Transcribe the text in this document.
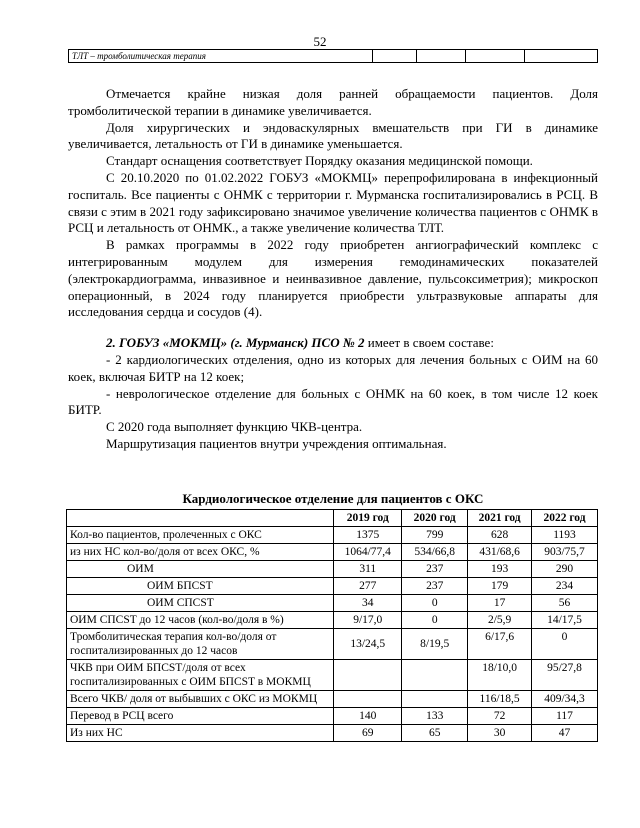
52
ТЛТ – тромболитическая терапия				

Отмечается крайне низкая доля ранней обращаемости пациентов. Доля тромболитической терапии в динамике увеличивается.

Доля хирургических и эндоваскулярных вмешательств при ГИ в динамике увеличивается, летальность от ГИ в динамике уменьшается.

Стандарт оснащения соответствует Порядку оказания медицинской помощи.

С 20.10.2020 по 01.02.2022 ГОБУЗ «МОКМЦ» перепрофилирована в инфекционный госпиталь. Все пациенты с ОНМК с территории г. Мурманска госпитализировались в РСЦ. В связи с этим в 2021 году зафиксировано значимое увеличение количества пациентов с ОНМК в РСЦ и летальность от ОНМК., а также увеличение количества ТЛТ.

В рамках программы в 2022 году приобретен ангиографический комплекс с интегрированным модулем для измерения гемодинамических показателей (электрокардиограмма, инвазивное и неинвазивное давление, пульсоксиметрия); микроскоп операционный, в 2024 году планируется приобрести ультразвуковые аппараты для исследования сердца и сосудов (4).

2. ГОБУЗ «МОКМЦ» (г. Мурманск) ПСО № 2 имеет в своем составе:

- 2 кардиологических отделения, одно из которых для лечения больных с ОИМ на 60 коек, включая БИТР на 12 коек;

- неврологическое отделение для больных с ОНМК на 60 коек, в том числе 12 коек БИТР.

С 2020 года выполняет функцию ЧКВ-центра.

Маршрутизация пациентов внутри учреждения оптимальная.

Кардиологическое отделение для пациентов с ОКС
	2019 год	2020 год	2021 год	2022 год
Кол-во пациентов, пролеченных с ОКС	1375	799	628	1193
из них НС кол-во/доля от всех ОКС, %	1064/77,4	534/66,8	431/68,6	903/75,7
ОИМ	311	237	193	290
ОИМ БПСST	277	237	179	234
ОИМ СПСST	34	0	17	56
ОИМ СПСST до 12 часов (кол-во/доля в %)	9/17,0	0	2/5,9	14/17,5
Тромболитическая терапия кол-во/доля от госпитализированных до 12 часов	13/24,5	8/19,5	6/17,6	0
ЧКВ при ОИМ БПСST/доля от всех госпитализированных с ОИМ БПСST в МОКМЦ			18/10,0	95/27,8
Всего ЧКВ/ доля от выбывших с ОКС из МОКМЦ			116/18,5	409/34,3
Перевод в РСЦ всего	140	133	72	117
Из них НС	69	65	30	47
